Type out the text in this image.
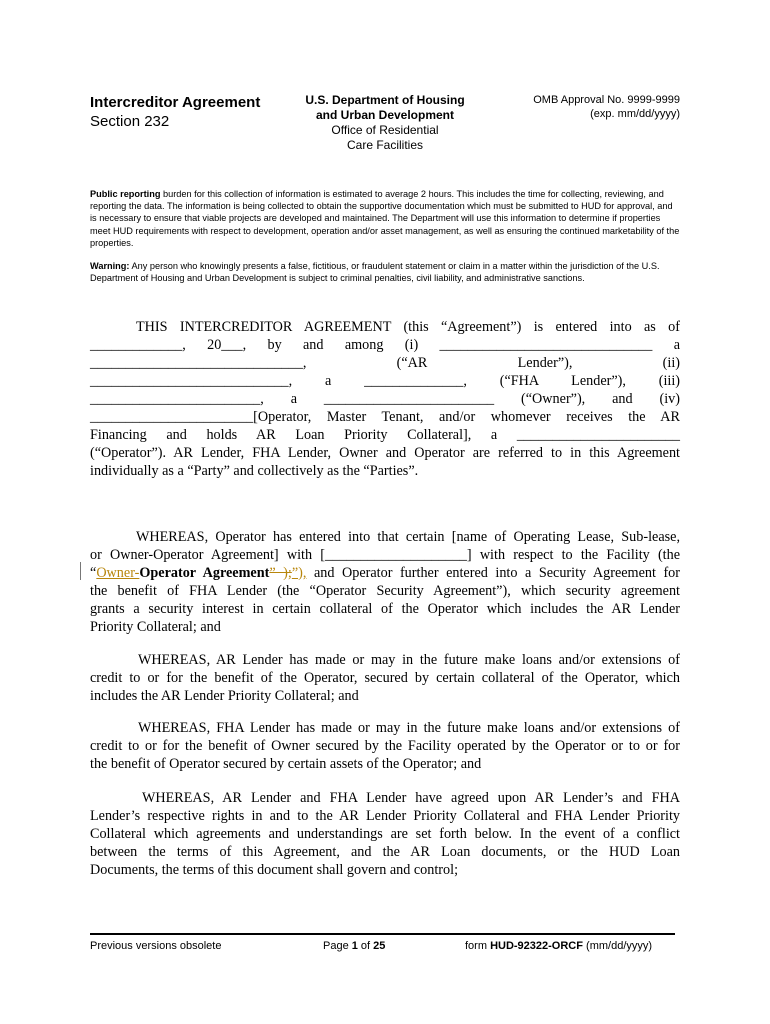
Intercreditor Agreement
Section 232
U.S. Department of Housing
and Urban Development
Office of Residential
Care Facilities
OMB Approval No. 9999-9999
(exp. mm/dd/yyyy)
Public reporting burden for this collection of information is estimated to average 2 hours. This includes the time for collecting, reviewing, and reporting the data. The information is being collected to obtain the supportive documentation which must be submitted to HUD for approval, and is necessary to ensure that viable projects are developed and maintained. The Department will use this information to determine if properties meet HUD requirements with respect to development, operation and/or asset management, as well as ensuring the continued marketability of the properties.
Warning: Any person who knowingly presents a false, fictitious, or fraudulent statement or claim in a matter within the jurisdiction of the U.S. Department of Housing and Urban Development is subject to criminal penalties, civil liability, and administrative sanctions.
THIS INTERCREDITOR AGREEMENT (this “Agreement”) is entered into as of
_____________, 20___, by and among (i) ______________________________ a
______________________________, (“AR Lender”), (ii)
____________________________, a ______________, (“FHA Lender”), (iii)
________________________, a ________________________ (“Owner”), and (iv)
_______________________[Operator, Master Tenant, and/or whomever receives the AR
Financing and holds AR Loan Priority Collateral], a _______________________
(“Operator”). AR Lender, FHA Lender, Owner and Operator are referred to in this Agreement
individually as a “Party” and collectively as the “Parties”.
WHEREAS, Operator has entered into that certain [name of Operating Lease, Sub-lease,
or Owner-Operator Agreement] with [____________________] with respect to the Facility (the
“Owner-Operator Agreement” );”), and Operator further entered into a Security Agreement for
the benefit of FHA Lender (the “Operator Security Agreement”), which security agreement
grants a security interest in certain collateral of the Operator which includes the AR Lender
Priority Collateral; and
WHEREAS, AR Lender has made or may in the future make loans and/or extensions of
credit to or for the benefit of the Operator, secured by certain collateral of the Operator, which
includes the AR Lender Priority Collateral; and
WHEREAS, FHA Lender has made or may in the future make loans and/or extensions of
credit to or for the benefit of Owner secured by the Facility operated by the Operator or to or for
the benefit of Operator secured by certain assets of the Operator; and
WHEREAS, AR Lender and FHA Lender have agreed upon AR Lender’s and FHA
Lender’s respective rights in and to the AR Lender Priority Collateral and FHA Lender Priority
Collateral which agreements and understandings are set forth below. In the event of a conflict
between the terms of this Agreement, and the AR Loan documents, or the HUD Loan
Documents, the terms of this document shall govern and control;
Previous versions obsolete	Page 1 of 25	form HUD-92322-ORCF (mm/dd/yyyy)
